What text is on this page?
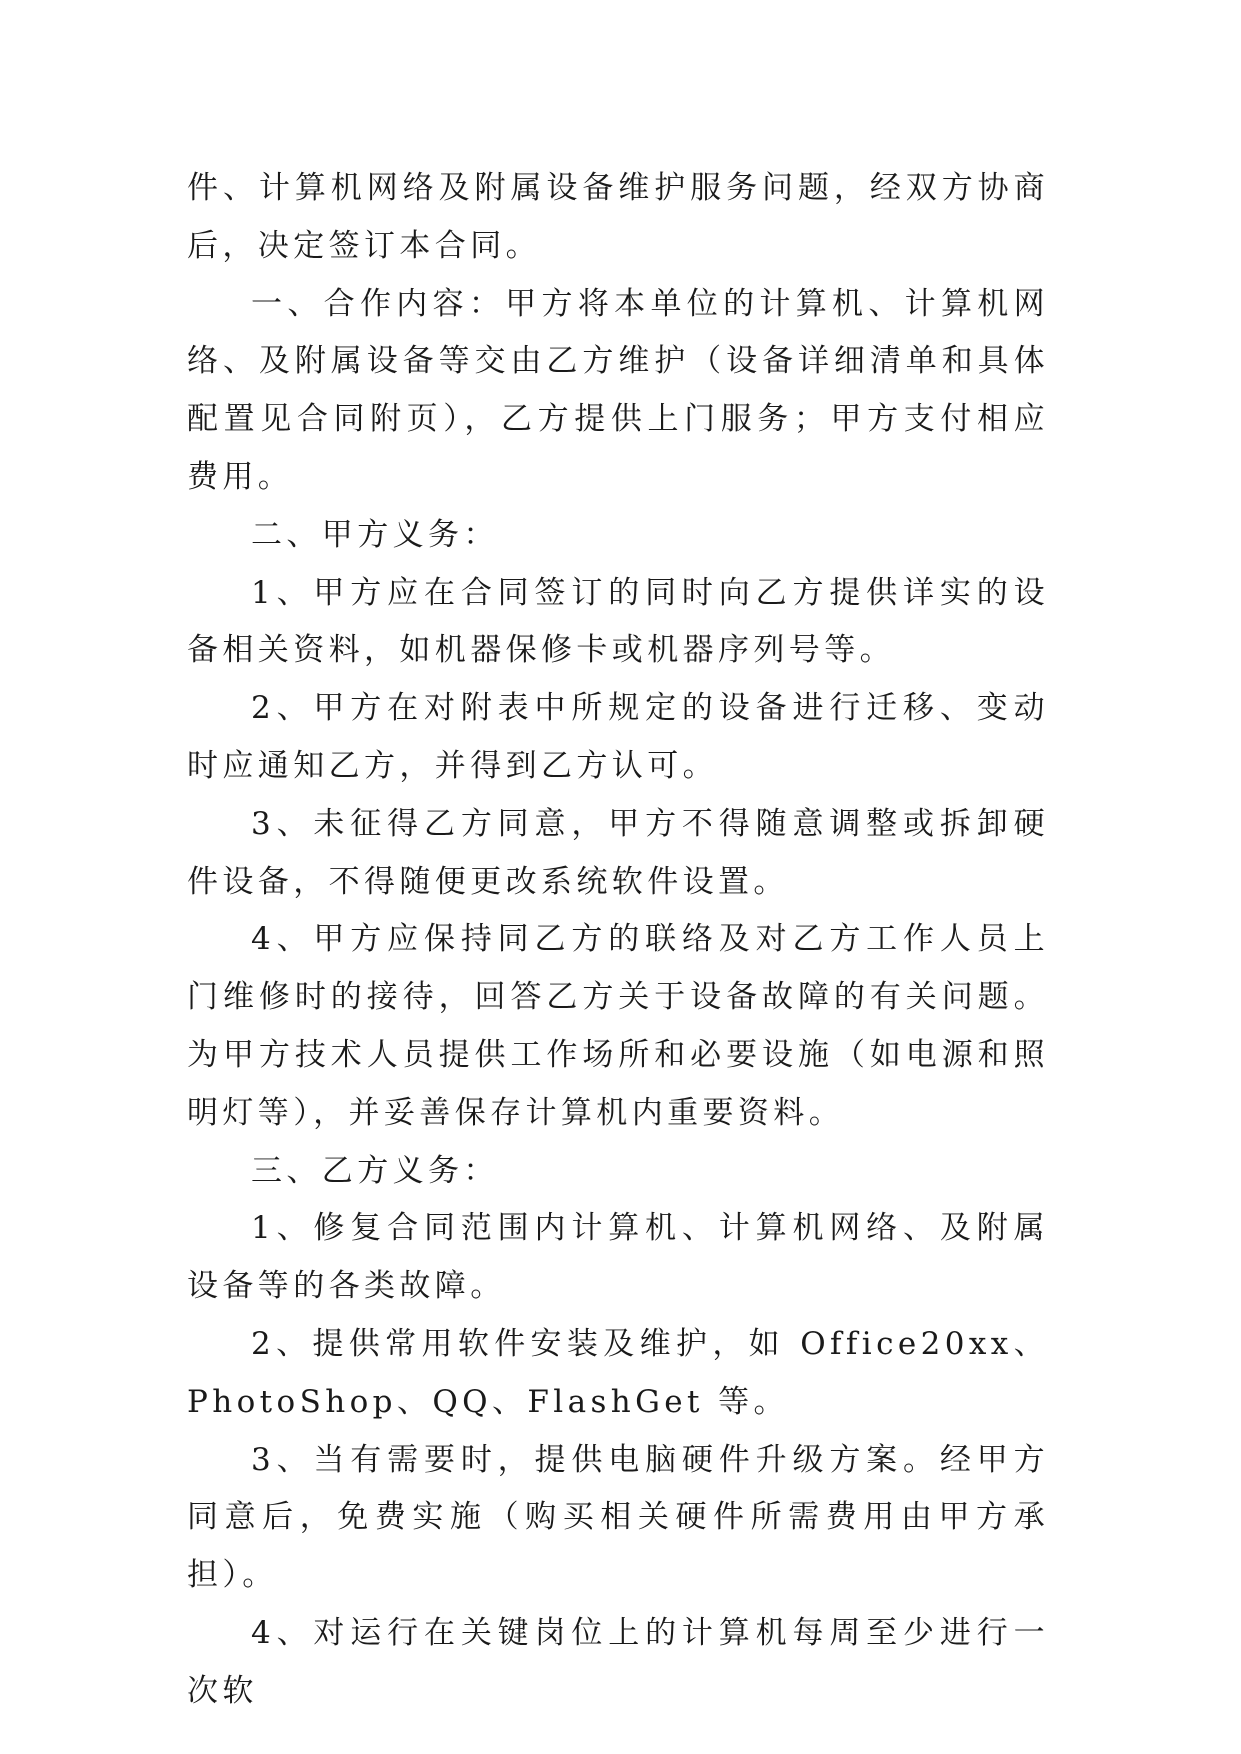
件、计算机网络及附属设备维护服务问题，经双方协商后，决定签订本合同。

一、合作内容：甲方将本单位的计算机、计算机网络、及附属设备等交由乙方维护（设备详细清单和具体配置见合同附页），乙方提供上门服务；甲方支付相应费用。

二、甲方义务：

1、甲方应在合同签订的同时向乙方提供详实的设备相关资料，如机器保修卡或机器序列号等。

2、甲方在对附表中所规定的设备进行迁移、变动时应通知乙方，并得到乙方认可。

3、未征得乙方同意，甲方不得随意调整或拆卸硬件设备，不得随便更改系统软件设置。

4、甲方应保持同乙方的联络及对乙方工作人员上门维修时的接待，回答乙方关于设备故障的有关问题。为甲方技术人员提供工作场所和必要设施（如电源和照明灯等），并妥善保存计算机内重要资料。

三、乙方义务：

1、修复合同范围内计算机、计算机网络、及附属设备等的各类故障。

2、提供常用软件安装及维护，如 Office20xx、PhotoShop、QQ、FlashGet 等。

3、当有需要时，提供电脑硬件升级方案。经甲方同意后，免费实施（购买相关硬件所需费用由甲方承担）。

4、对运行在关键岗位上的计算机每周至少进行一次软
